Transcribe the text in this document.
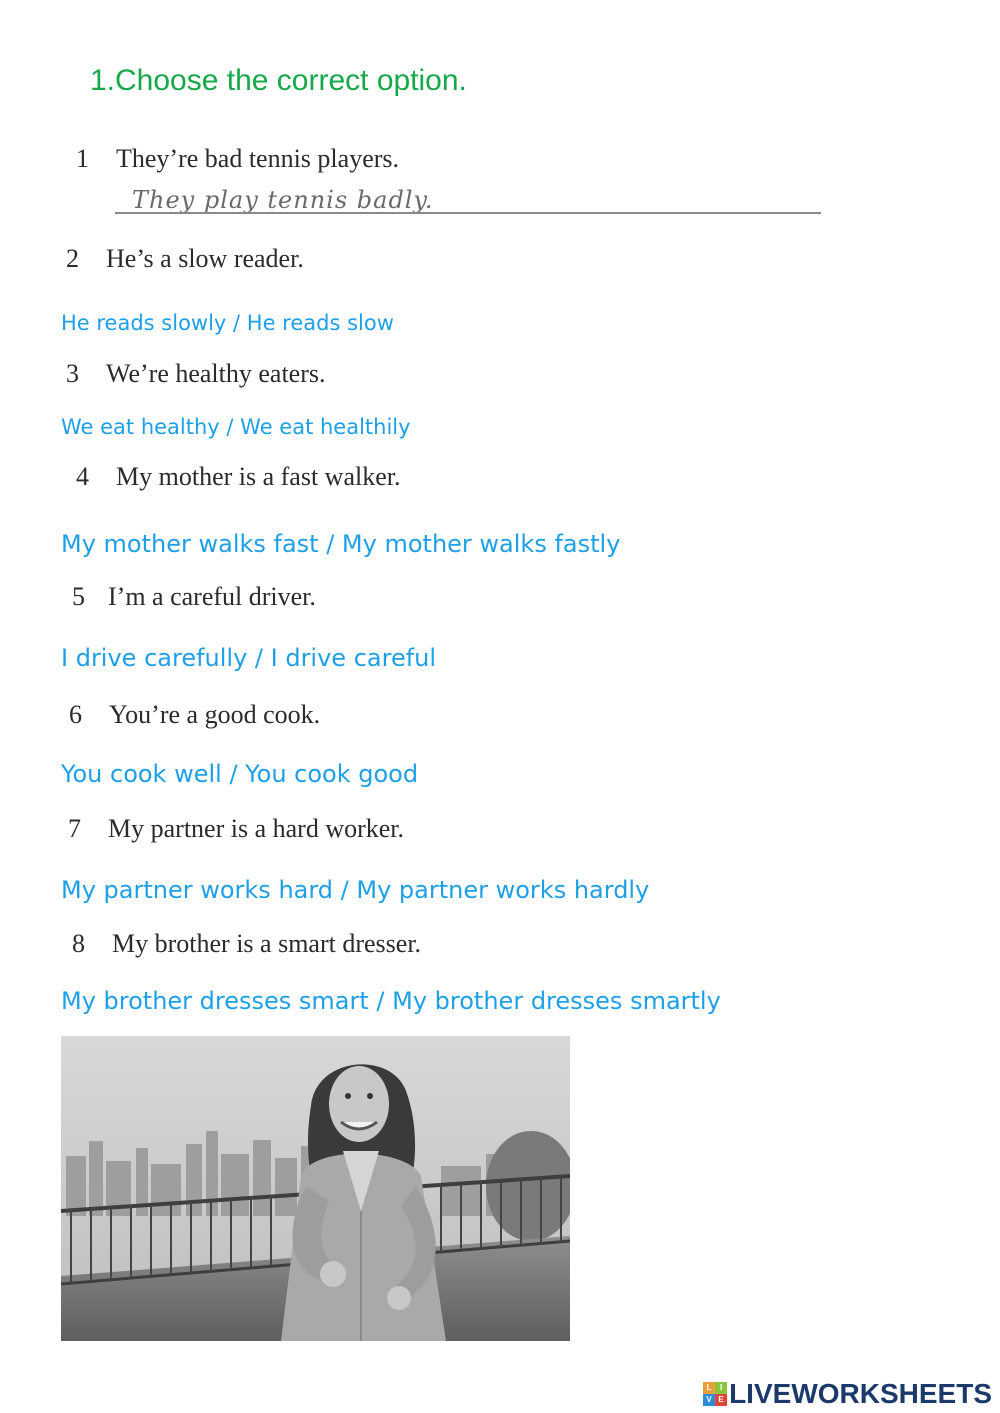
1.Choose the correct option.
1 They’re bad tennis players.
They play tennis badly.
2 He’s a slow reader.
He reads slowly / He reads slow
3 We’re healthy eaters.
We eat healthy / We eat healthily
4 My mother is a fast walker.
My mother walks fast / My mother walks fastly
5 I’m a careful driver.
I drive carefully / I drive careful
6 You’re a good cook.
You cook well / You cook good
7 My partner is a hard worker.
My partner works hard / My partner works hardly
8 My brother is a smart dresser.
My brother dresses smart / My brother dresses smartly
L	I
V E LIVEWORKSHEETS
